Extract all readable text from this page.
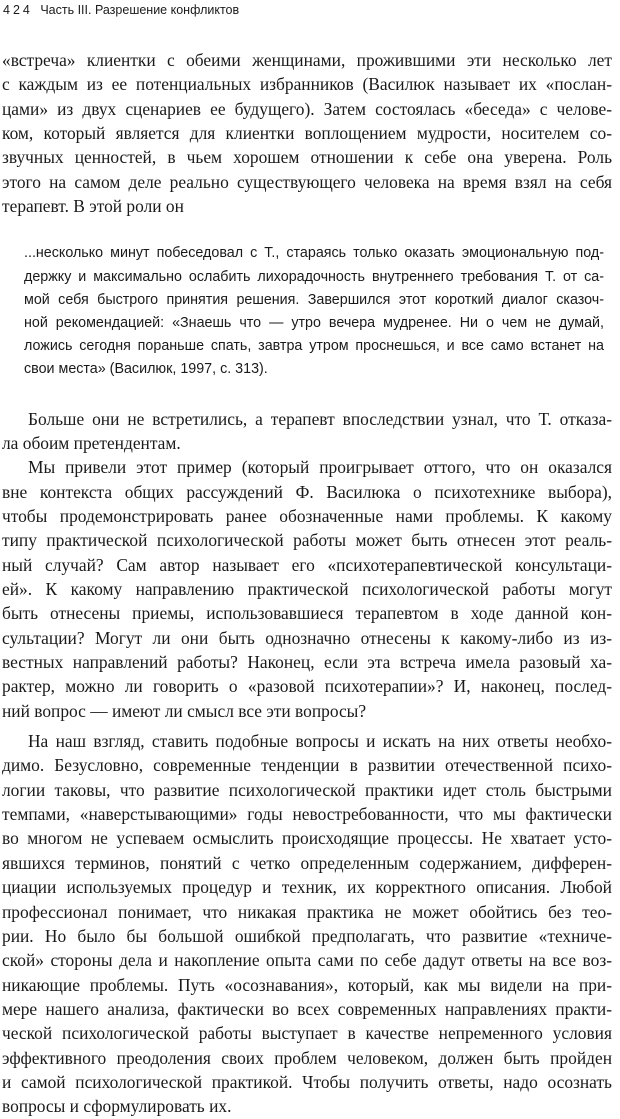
424 Часть III. Разрешение конфликтов

«встреча» клиентки с обеими женщинами, прожившими эти несколько лет
с каждым из ее потенциальных избранников (Василюк называет их «послан-
цами» из двух сценариев ее будущего). Затем состоялась «беседа» с челове-
ком, который является для клиентки воплощением мудрости, носителем со-
звучных ценностей, в чьем хорошем отношении к себе она уверена. Роль
этого на самом деле реально существующего человека на время взял на себя
терапевт. В этой роли он

...несколько минут побеседовал с Т., стараясь только оказать эмоциональную под-
держку и максимально ослабить лихорадочность внутреннего требования Т. от са-
мой себя быстрого принятия решения. Завершился этот короткий диалог сказоч-
ной рекомендацией: «Знаешь что — утро вечера мудренее. Ни о чем не думай,
ложись сегодня пораньше спать, завтра утром проснешься, и все само встанет на
свои места» (Василюк, 1997, с. 313).

Больше они не встретились, а терапевт впоследствии узнал, что Т. отказа-
ла обоим претендентам.

Мы привели этот пример (который проигрывает оттого, что он оказался
вне контекста общих рассуждений Ф. Василюка о психотехнике выбора),
чтобы продемонстрировать ранее обозначенные нами проблемы. К какому
типу практической психологической работы может быть отнесен этот реаль-
ный случай? Сам автор называет его «психотерапевтической консультаци-
ей». К какому направлению практической психологической работы могут
быть отнесены приемы, использовавшиеся терапевтом в ходе данной кон-
сультации? Могут ли они быть однозначно отнесены к какому-либо из из-
вестных направлений работы? Наконец, если эта встреча имела разовый ха-
рактер, можно ли говорить о «разовой психотерапии»? И, наконец, послед-
ний вопрос — имеют ли смысл все эти вопросы?

На наш взгляд, ставить подобные вопросы и искать на них ответы необхо-
димо. Безусловно, современные тенденции в развитии отечественной психо-
логии таковы, что развитие психологической практики идет столь быстрыми
темпами, «наверстывающими» годы невостребованности, что мы фактически
во многом не успеваем осмыслить происходящие процессы. Не хватает усто-
явшихся терминов, понятий с четко определенным содержанием, дифферен-
циации используемых процедур и техник, их корректного описания. Любой
профессионал понимает, что никакая практика не может обойтись без тео-
рии. Но было бы большой ошибкой предполагать, что развитие «техниче-
ской» стороны дела и накопление опыта сами по себе дадут ответы на все воз-
никающие проблемы. Путь «осознавания», который, как мы видели на при-
мере нашего анализа, фактически во всех современных направлениях практи-
ческой психологической работы выступает в качестве непременного условия
эффективного преодоления своих проблем человеком, должен быть пройден
и самой психологической практикой. Чтобы получить ответы, надо осознать
вопросы и сформулировать их.
